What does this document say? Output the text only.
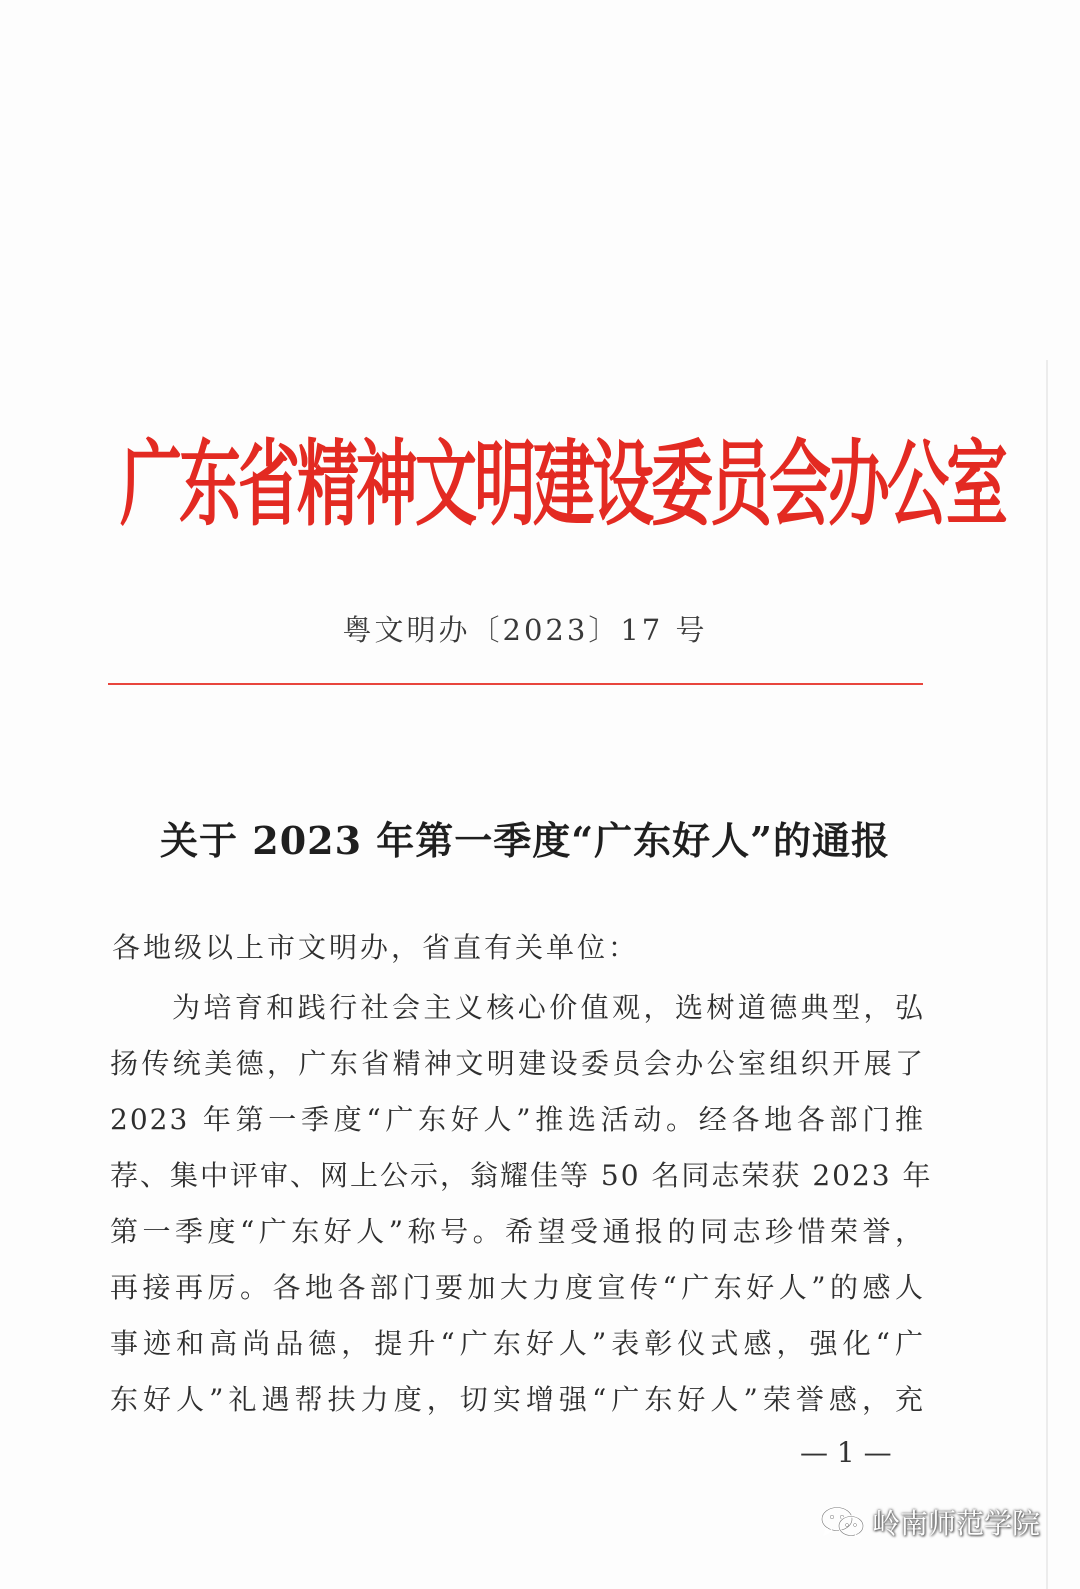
广东省精神文明建设委员会办公室
粤文明办〔2023〕17 号
关于 2023 年第一季度“广东好人”的通报
各地级以上市文明办，省直有关单位：
为培育和践行社会主义核心价值观，选树道德典型，弘
扬传统美德，广东省精神文明建设委员会办公室组织开展了
2023 年第一季度“广东好人”推选活动。经各地各部门推
荐、集中评审、网上公示，翁耀佳等 50 名同志荣获 2023 年
第一季度“广东好人”称号。希望受通报的同志珍惜荣誉，
再接再厉。各地各部门要加大力度宣传“广东好人”的感人
事迹和高尚品德，提升“广东好人”表彰仪式感，强化“广
东好人”礼遇帮扶力度，切实增强“广东好人”荣誉感，充
— 1 —
岭南师范学院
